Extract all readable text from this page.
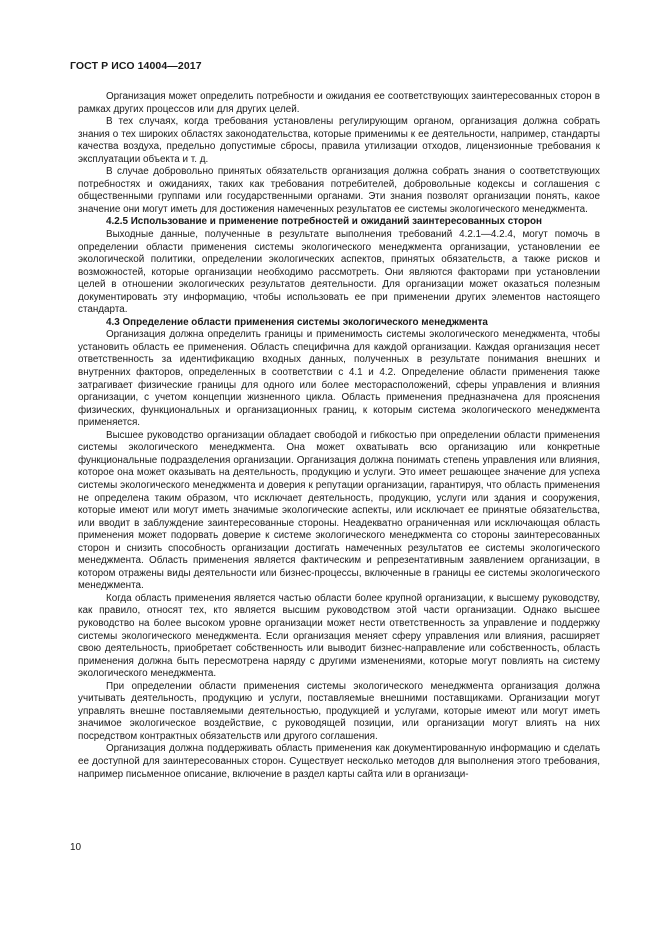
ГОСТ Р ИСО 14004—2017

Организация может определить потребности и ожидания ее соответствующих заинтересованных сторон в рамках других процессов или для других целей.

В тех случаях, когда требования установлены регулирующим органом, организация должна собрать знания о тех широких областях законодательства, которые применимы к ее деятельности, например, стандарты качества воздуха, предельно допустимые сбросы, правила утилизации отходов, лицензионные требования к эксплуатации объекта и т. д.

В случае добровольно принятых обязательств организация должна собрать знания о соответствующих потребностях и ожиданиях, таких как требования потребителей, добровольные кодексы и соглашения с общественными группами или государственными органами. Эти знания позволят организации понять, какое значение они могут иметь для достижения намеченных результатов ее системы экологического менеджмента.

4.2.5 Использование и применение потребностей и ожиданий заинтересованных сторон

Выходные данные, полученные в результате выполнения требований 4.2.1—4.2.4, могут помочь в определении области применения системы экологического менеджмента организации, установлении ее экологической политики, определении экологических аспектов, принятых обязательств, а также рисков и возможностей, которые организации необходимо рассмотреть. Они являются факторами при установлении целей в отношении экологических результатов деятельности. Для организации может оказаться полезным документировать эту информацию, чтобы использовать ее при применении других элементов настоящего стандарта.

4.3 Определение области применения системы экологического менеджмента

Организация должна определить границы и применимость системы экологического менеджмента, чтобы установить область ее применения. Область специфична для каждой организации. Каждая организация несет ответственность за идентификацию входных данных, полученных в результате понимания внешних и внутренних факторов, определенных в соответствии с 4.1 и 4.2. Определение области применения также затрагивает физические границы для одного или более месторасположений, сферы управления и влияния организации, с учетом концепции жизненного цикла. Область применения предназначена для прояснения физических, функциональных и организационных границ, к которым система экологического менеджмента применяется.

Высшее руководство организации обладает свободой и гибкостью при определении области применения системы экологического менеджмента. Она может охватывать всю организацию или конкретные функциональные подразделения организации. Организация должна понимать степень управления или влияния, которое она может оказывать на деятельность, продукцию и услуги. Это имеет решающее значение для успеха системы экологического менеджмента и доверия к репутации организации, гарантируя, что область применения не определена таким образом, что исключает деятельность, продукцию, услуги или здания и сооружения, которые имеют или могут иметь значимые экологические аспекты, или исключает ее принятые обязательства, или вводит в заблуждение заинтересованные стороны. Неадекватно ограниченная или исключающая область применения может подорвать доверие к системе экологического менеджмента со стороны заинтересованных сторон и снизить способность организации достигать намеченных результатов ее системы экологического менеджмента. Область применения является фактическим и репрезентативным заявлением организации, в котором отражены виды деятельности или бизнес-процессы, включенные в границы ее системы экологического менеджмента.

Когда область применения является частью области более крупной организации, к высшему руководству, как правило, относят тех, кто является высшим руководством этой части организации. Однако высшее руководство на более высоком уровне организации может нести ответственность за управление и поддержку системы экологического менеджмента. Если организация меняет сферу управления или влияния, расширяет свою деятельность, приобретает собственность или выводит бизнес-направление или собственность, область применения должна быть пересмотрена наряду с другими изменениями, которые могут повлиять на систему экологического менеджмента.

При определении области применения системы экологического менеджмента организация должна учитывать деятельность, продукцию и услуги, поставляемые внешними поставщиками. Организации могут управлять внешне поставляемыми деятельностью, продукцией и услугами, которые имеют или могут иметь значимое экологическое воздействие, с руководящей позиции, или организации могут влиять на них посредством контрактных обязательств или другого соглашения.

Организация должна поддерживать область применения как документированную информацию и сделать ее доступной для заинтересованных сторон. Существует несколько методов для выполнения этого требования, например письменное описание, включение в раздел карты сайта или в организаци-

10
